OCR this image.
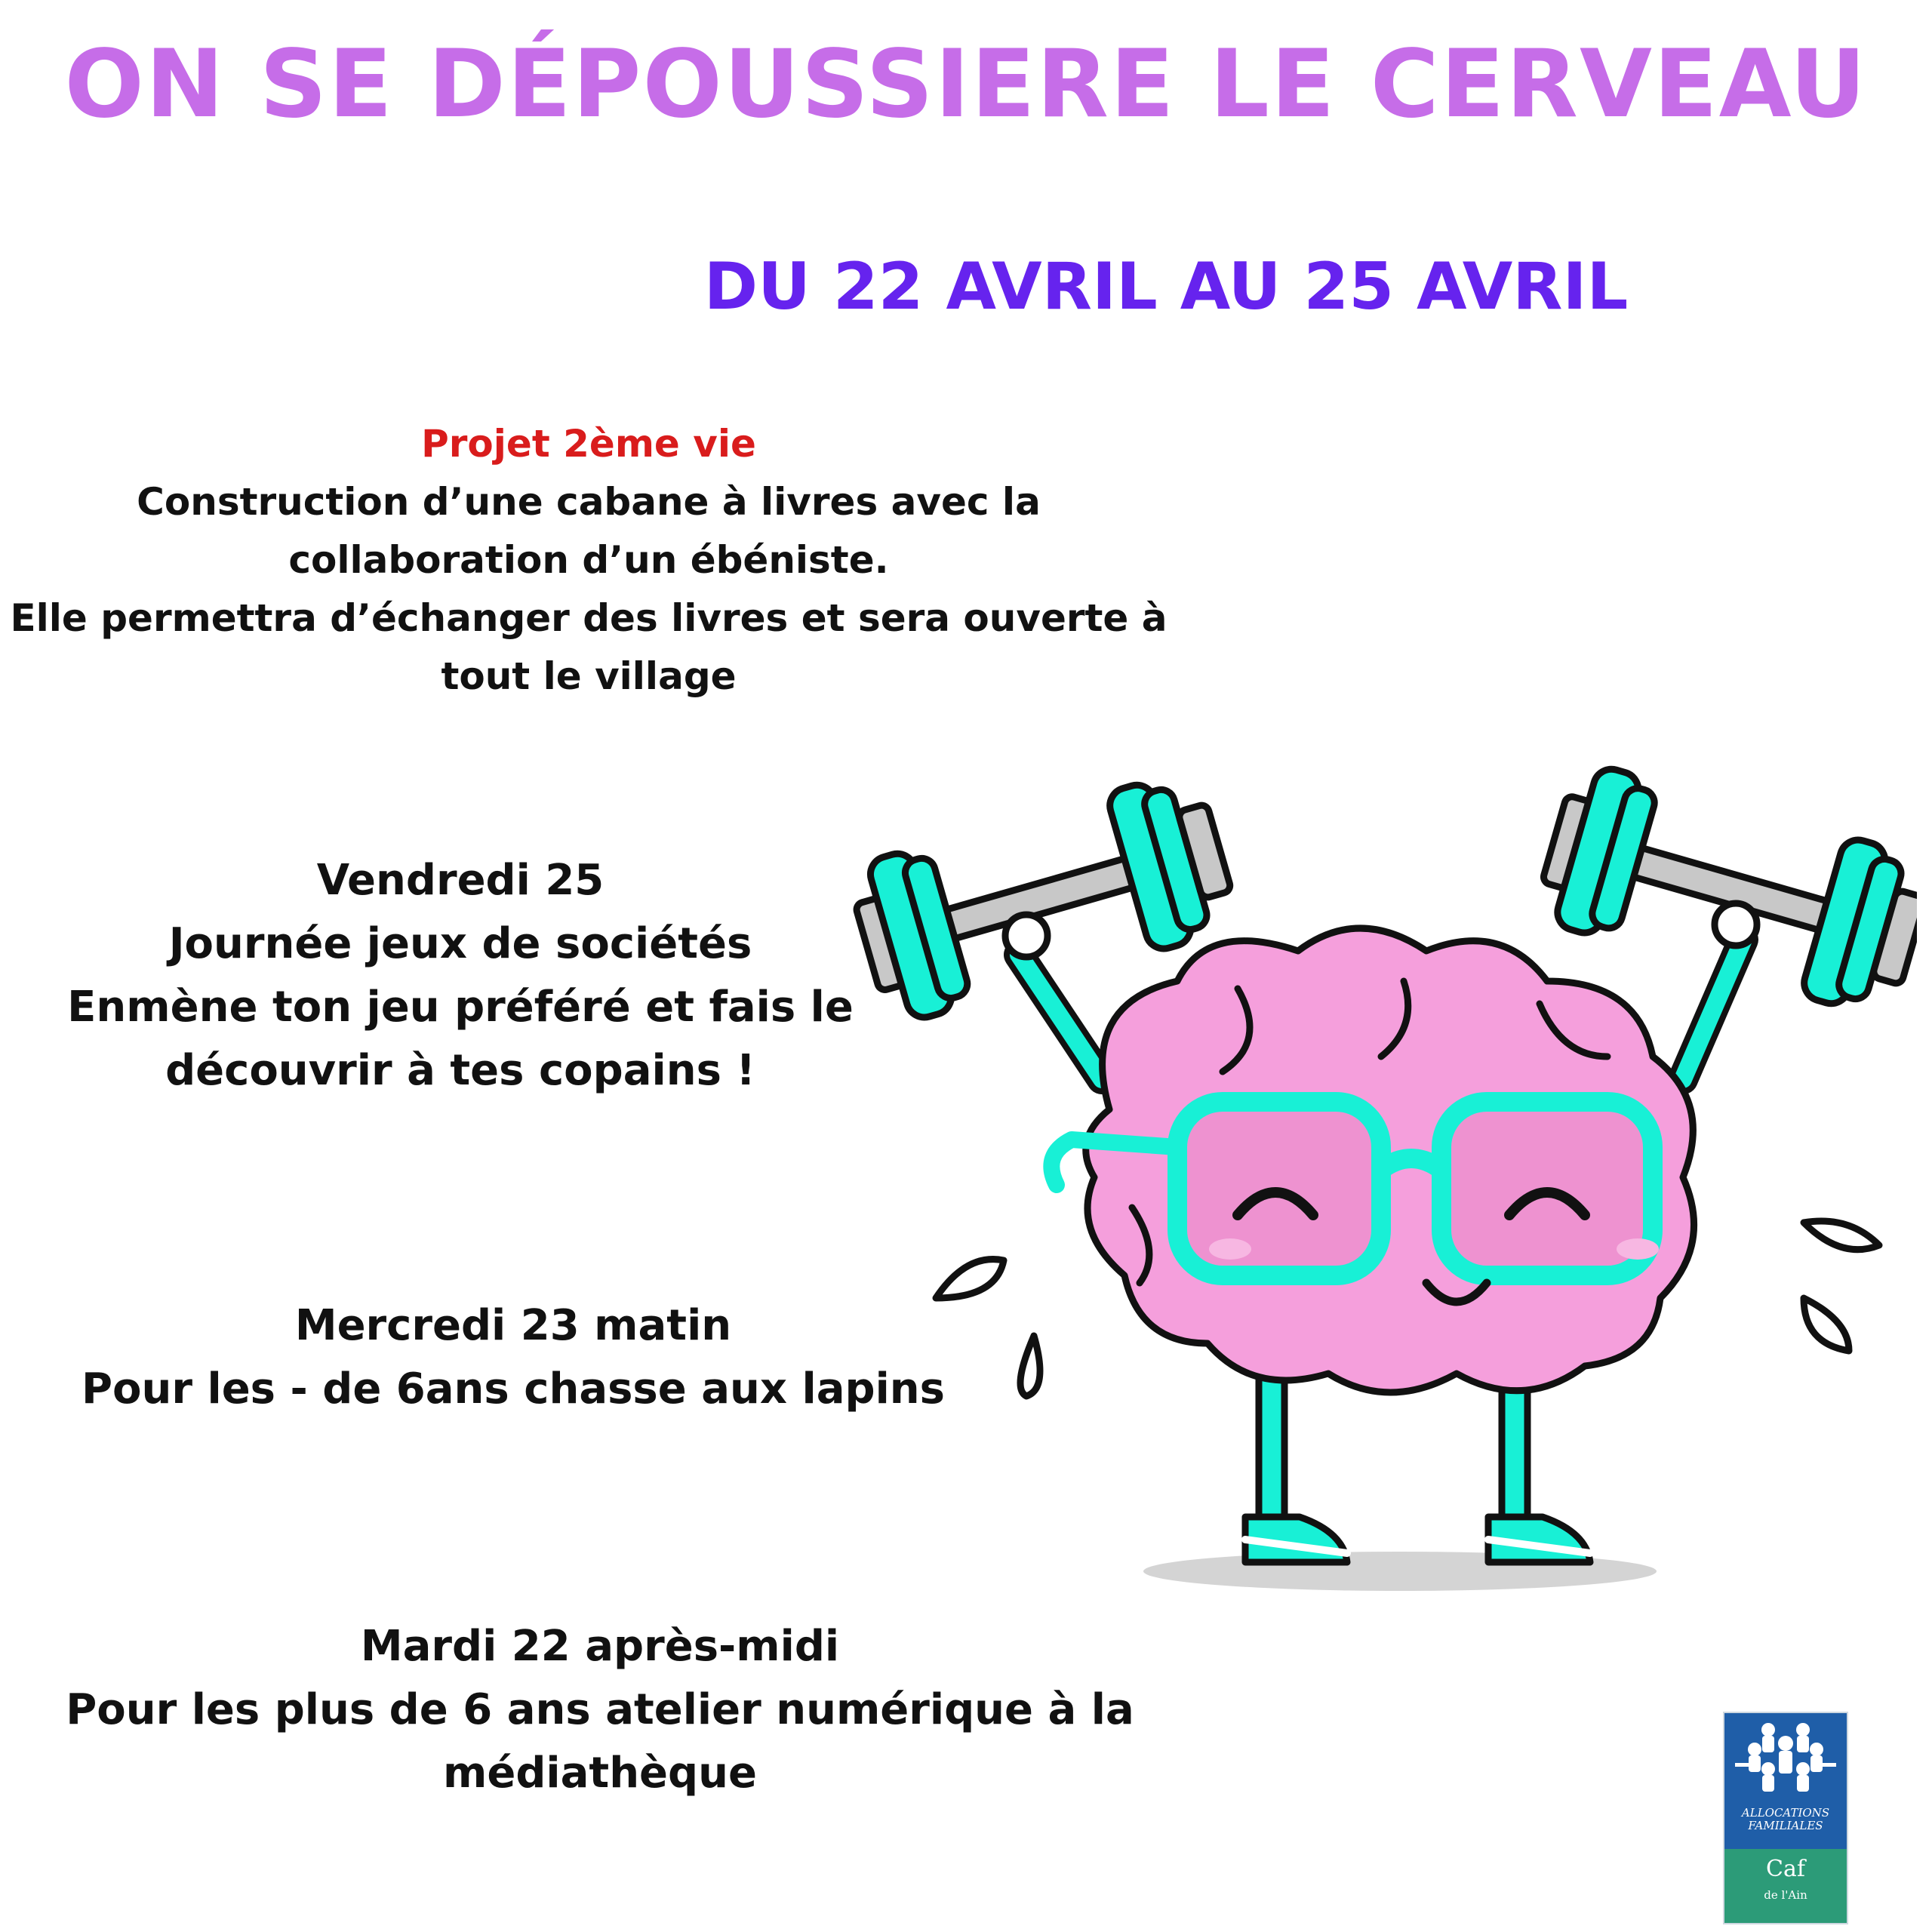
ON SE DÉPOUSSIERE LE CERVEAU
DU 22 AVRIL AU 25 AVRIL
Projet 2ème vie
Construction d’une cabane à livres avec la
collaboration d’un ébéniste.
Elle permettra d’échanger des livres et sera ouverte à
tout le village
Vendredi 25
Journée jeux de sociétés
Enmène ton jeu préféré et fais le
découvrir à tes copains !
Mercredi 23 matin
Pour les - de 6ans chasse aux lapins
Mardi 22 après-midi
Pour les plus de 6 ans atelier numérique à la
médiathèque
ALLOCATIONS
FAMILIALES
Caf
de l'Ain
